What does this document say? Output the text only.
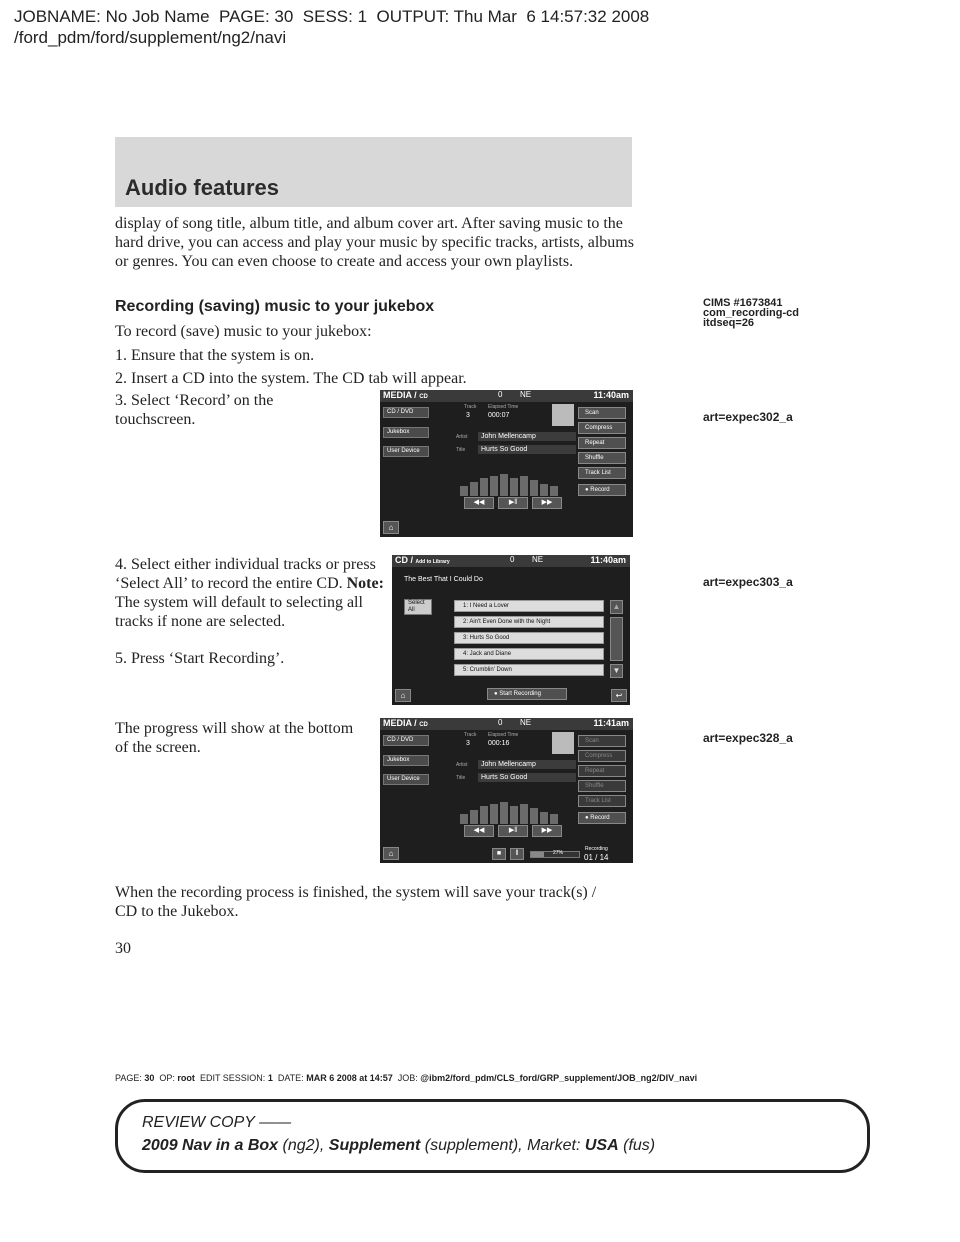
JOBNAME: No Job Name  PAGE: 30  SESS: 1  OUTPUT: Thu Mar  6 14:57:32 2008
/ford_pdm/ford/supplement/ng2/navi
Audio features
display of song title, album title, and album cover art. After saving music to the hard drive, you can access and play your music by specific tracks, artists, albums or genres. You can even choose to create and access your own playlists.
Recording (saving) music to your jukebox
To record (save) music to your jukebox:
1. Ensure that the system is on.
2. Insert a CD into the system. The CD tab will appear.
3. Select ‘Record’ on the touchscreen.
4. Select either individual tracks or press ‘Select All’ to record the entire CD. Note: The system will default to selecting all tracks if none are selected.
5. Press ‘Start Recording’.
The progress will show at the bottom of the screen.
When the recording process is finished, the system will save your track(s) / CD to the Jukebox.
CIMS #1673841
com_recording-cd
itdseq=26
art=expec302_a
art=expec303_a
art=expec328_a
MEDIA / CD	0 NE	11:40am
CD / DVD
Jukebox
User Device
Track Elapsed Time
3	000:07
Artist	John Mellencamp
Title	Hurts So Good
◀◀	▶‖	▶▶
Scan
Compress
Repeat
Shuffle
Track List
● Record
⌂
CD / Add to Library	0 NE	11:40am
The Best That I Could Do
Select All
1: I Need a Lover
2: Ain't Even Done with the Night
3: Hurts So Good
4: Jack and Diane
5: Crumblin' Down
▲
▼
● Start Recording
⌂	↩
MEDIA / CD	0 NE	11:41am
CD / DVD
Jukebox
User Device
Track Elapsed Time
3	000:16
Artist	John Mellencamp
Title	Hurts So Good
◀◀	▶‖	▶▶
Scan
Compress
Repeat
Shuffle
Track List
● Record
⌂	■	‖	27%
Recording
01 / 14
30
PAGE: 30 OP: root EDIT SESSION: 1 DATE: MAR 6 2008 at 14:57 JOB: @ibm2/ford_pdm/CLS_ford/GRP_supplement/JOB_ng2/DIV_navi
REVIEW COPY ——
2009 Nav in a Box (ng2), Supplement (supplement), Market: USA (fus)
